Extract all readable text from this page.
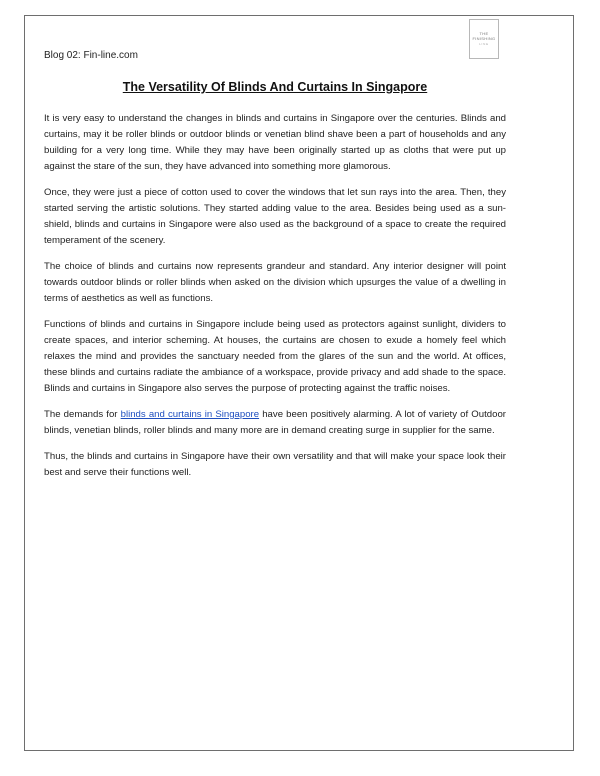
THE
FINISHING
LINE
Blog 02: Fin-line.com
The Versatility Of Blinds And Curtains In Singapore

It is very easy to understand the changes in blinds and curtains in Singapore over the centuries. Blinds and curtains, may it be roller blinds or outdoor blinds or venetian blind shave been a part of households and any building for a very long time. While they may have been originally started up as cloths that were put up against the stare of the sun, they have advanced into something more glamorous.

Once, they were just a piece of cotton used to cover the windows that let sun rays into the area. Then, they started serving the artistic solutions. They started adding value to the area. Besides being used as a sun-shield, blinds and curtains in Singapore were also used as the background of a space to create the required temperament of the scenery.

The choice of blinds and curtains now represents grandeur and standard. Any interior designer will point towards outdoor blinds or roller blinds when asked on the division which upsurges the value of a dwelling in terms of aesthetics as well as functions.

Functions of blinds and curtains in Singapore include being used as protectors against sunlight, dividers to create spaces, and interior scheming. At houses, the curtains are chosen to exude a homely feel which relaxes the mind and provides the sanctuary needed from the glares of the sun and the world. At offices, these blinds and curtains radiate the ambiance of a workspace, provide privacy and add shade to the space. Blinds and curtains in Singapore also serves the purpose of protecting against the traffic noises.

The demands for blinds and curtains in Singapore have been positively alarming. A lot of variety of Outdoor blinds, venetian blinds, roller blinds and many more are in demand creating surge in supplier for the same.

Thus, the blinds and curtains in Singapore have their own versatility and that will make your space look their best and serve their functions well.
